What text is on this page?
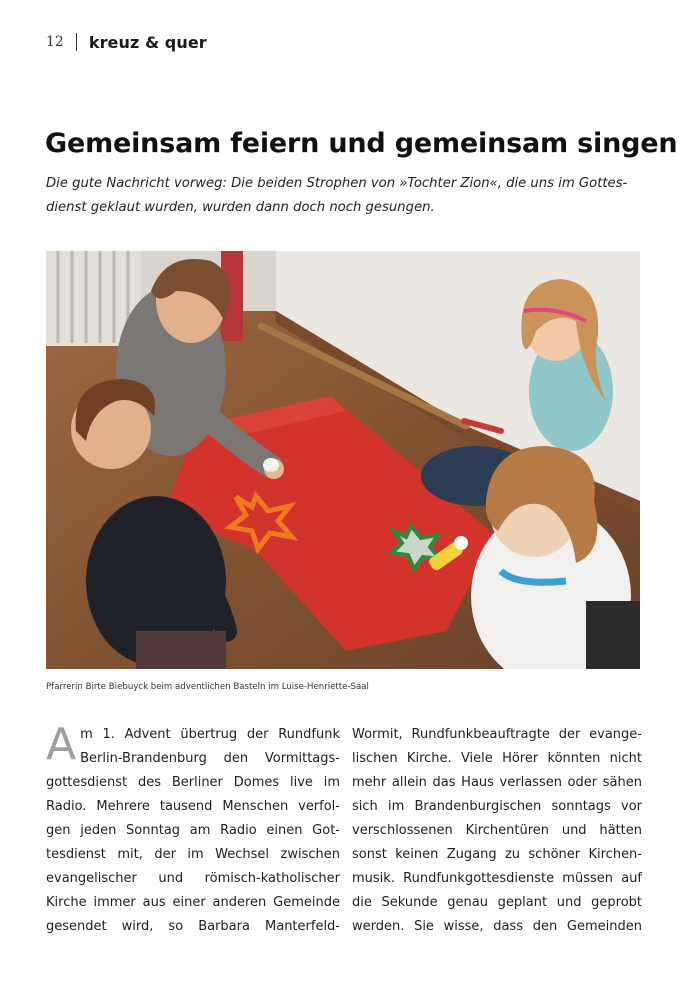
12 kreuz & quer
Gemeinsam feiern und gemeinsam singen

Die gute Nachricht vorweg: Die beiden Strophen von »Tochter Zion«, die uns im Gottes-
dienst geklaut wurden, wurden dann doch noch gesungen.

Pfarrerin Birte Biebuyck beim adventlichen Basteln im Luise-Henriette-Saal
A m 1. Advent übertrug der Rundfunk
Berlin-Brandenburg den Vormittags-
gottesdienst des Berliner Domes live im
Radio. Mehrere tausend Menschen verfol-
gen jeden Sonntag am Radio einen Got-
tesdienst mit, der im Wechsel zwischen
evangelischer und römisch-katholischer
Kirche immer aus einer anderen Gemeinde
gesendet wird, so Barbara Manterfeld-
Wormit, Rundfunkbeauftragte der evange-
lischen Kirche. Viele Hörer könnten nicht
mehr allein das Haus verlassen oder sähen
sich im Brandenburgischen sonntags vor
verschlossenen Kirchentüren und hätten
sonst keinen Zugang zu schöner Kirchen-
musik. Rundfunkgottesdienste müssen auf
die Sekunde genau geplant und geprobt
werden. Sie wisse, dass den Gemeinden
